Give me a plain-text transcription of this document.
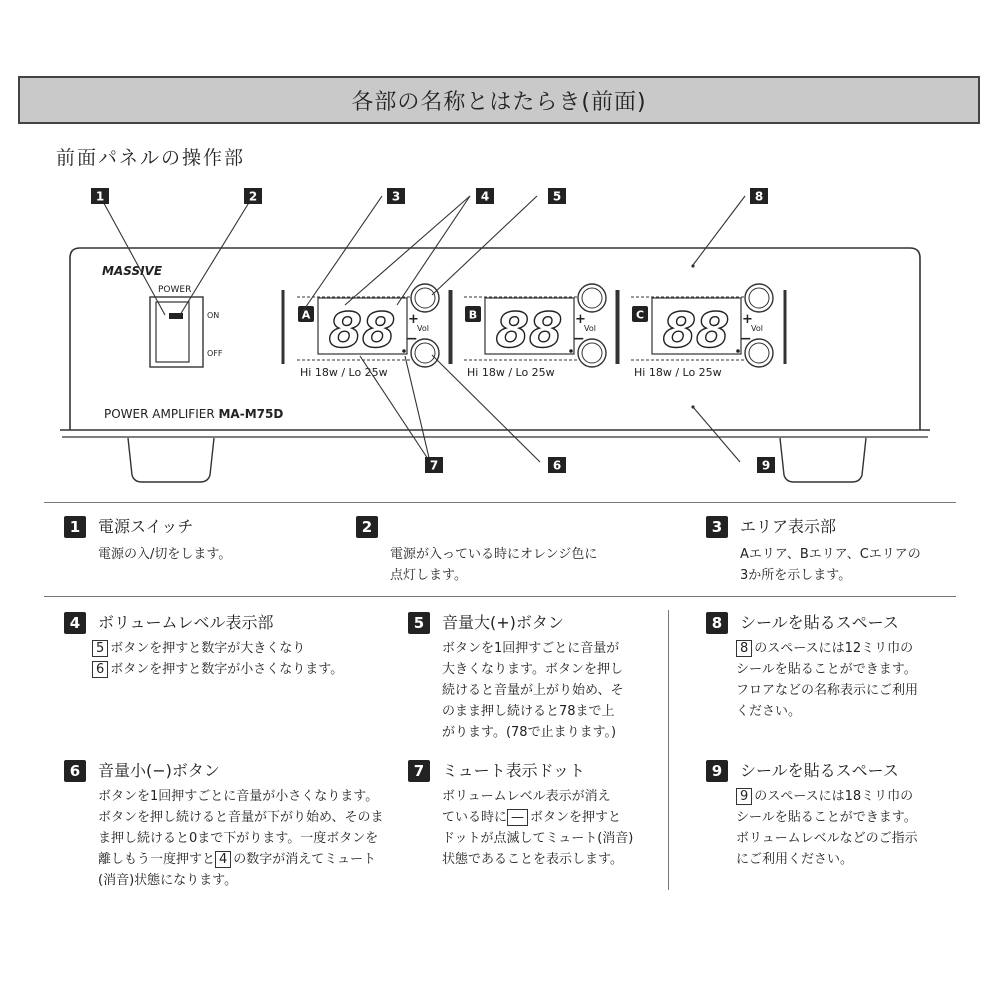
各部の名称とはたらき(前面)
前面パネルの操作部
MASSIVE
POWER
ON
OFF
POWER AMPLIFIER MA-M75D
A 88 +
Vol
−
Hi 18w / Lo 25w
B 88 +
Vol
−
Hi 18w / Lo 25w
C 88 +
Vol
−
Hi 18w / Lo 25w
1	2	3	4	5
7	6
8
9
1	電源スイッチ
電源の入/切をします。
2
電源が入っている時にオレンジ色に
点灯します。
3	エリア表示部
Aエリア、Bエリア、Cエリアの
3か所を示します。
4	ボリュームレベル表示部
5 ボタンを押すと数字が大きくなり
6 ボタンを押すと数字が小さくなります。
5	音量大(+)ボタン
ボタンを1回押すごとに音量が
大きくなります。ボタンを押し
続けると音量が上がり始め、そ
のまま押し続けると78まで上
がります。(78で止まります。)
8	シールを貼るスペース
8 のスペースには12ミリ巾の
シールを貼ることができます。
フロアなどの名称表示にご利用
ください。
6	音量小(−)ボタン
ボタンを1回押すごとに音量が小さくなります。
ボタンを押し続けると音量が下がり始め、そのま
ま押し続けると0まで下がります。一度ボタンを
離しもう一度押すと 4 の数字が消えてミュート
(消音)状態になります。
7	ミュート表示ドット
ボリュームレベル表示が消え
ている時に — ボタンを押すと
ドットが点滅してミュート(消音)
状態であることを表示します。
9	シールを貼るスペース
9 のスペースには18ミリ巾の
シールを貼ることができます。
ボリュームレベルなどのご指示
にご利用ください。
